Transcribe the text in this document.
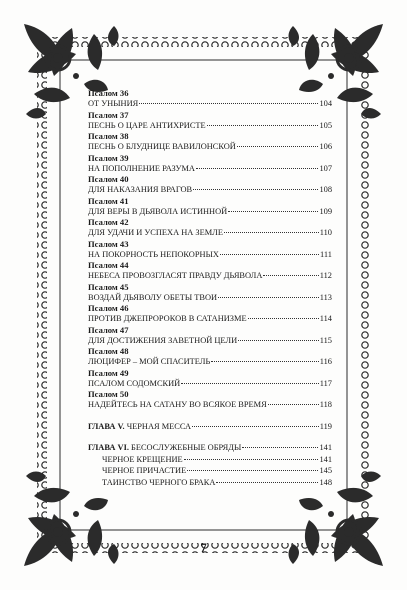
Псалом 36
ОТ УНЫНИЯ	104
Псалом 37
ПЕСНЬ О ЦАРЕ АНТИХРИСТЕ	105
Псалом 38
ПЕСНЬ О БЛУДНИЦЕ ВАВИЛОНСКОЙ	106
Псалом 39
НА ПОПОЛНЕНИЕ РАЗУМА	107
Псалом 40
ДЛЯ НАКАЗАНИЯ ВРАГОВ	108
Псалом 41
ДЛЯ ВЕРЫ В ДЬЯВОЛА ИСТИННОЙ	109
Псалом 42
ДЛЯ УДАЧИ И УСПЕХА НА ЗЕМЛЕ	110
Псалом 43
НА ПОКОРНОСТЬ НЕПОКОРНЫХ	111
Псалом 44
НЕБЕСА ПРОВОЗГЛАСЯТ ПРАВДУ ДЬЯВОЛА	112
Псалом 45
ВОЗДАЙ ДЬЯВОЛУ ОБЕТЫ ТВОИ	113
Псалом 46
ПРОТИВ ДЖЕПРОРОКОВ В САТАНИЗМЕ	114
Псалом 47
ДЛЯ ДОСТИЖЕНИЯ ЗАВЕТНОЙ ЦЕЛИ	115
Псалом 48
ЛЮЦИФЕР – МОЙ СПАСИТЕЛЬ	116
Псалом 49
ПСАЛОМ СОДОМСКИЙ	117
Псалом 50
НАДЕЙТЕСЬ НА САТАНУ ВО ВСЯКОЕ ВРЕМЯ	118
ГЛАВА V. ЧЕРНАЯ МЕССА	119
ГЛАВА VI. БЕСОСЛУЖЕБНЫЕ ОБРЯДЫ	141
ЧЕРНОЕ КРЕЩЕНИЕ	141
ЧЕРНОЕ ПРИЧАСТИЕ	145
ТАИНСТВО ЧЕРНОГО БРАКА	148
7
